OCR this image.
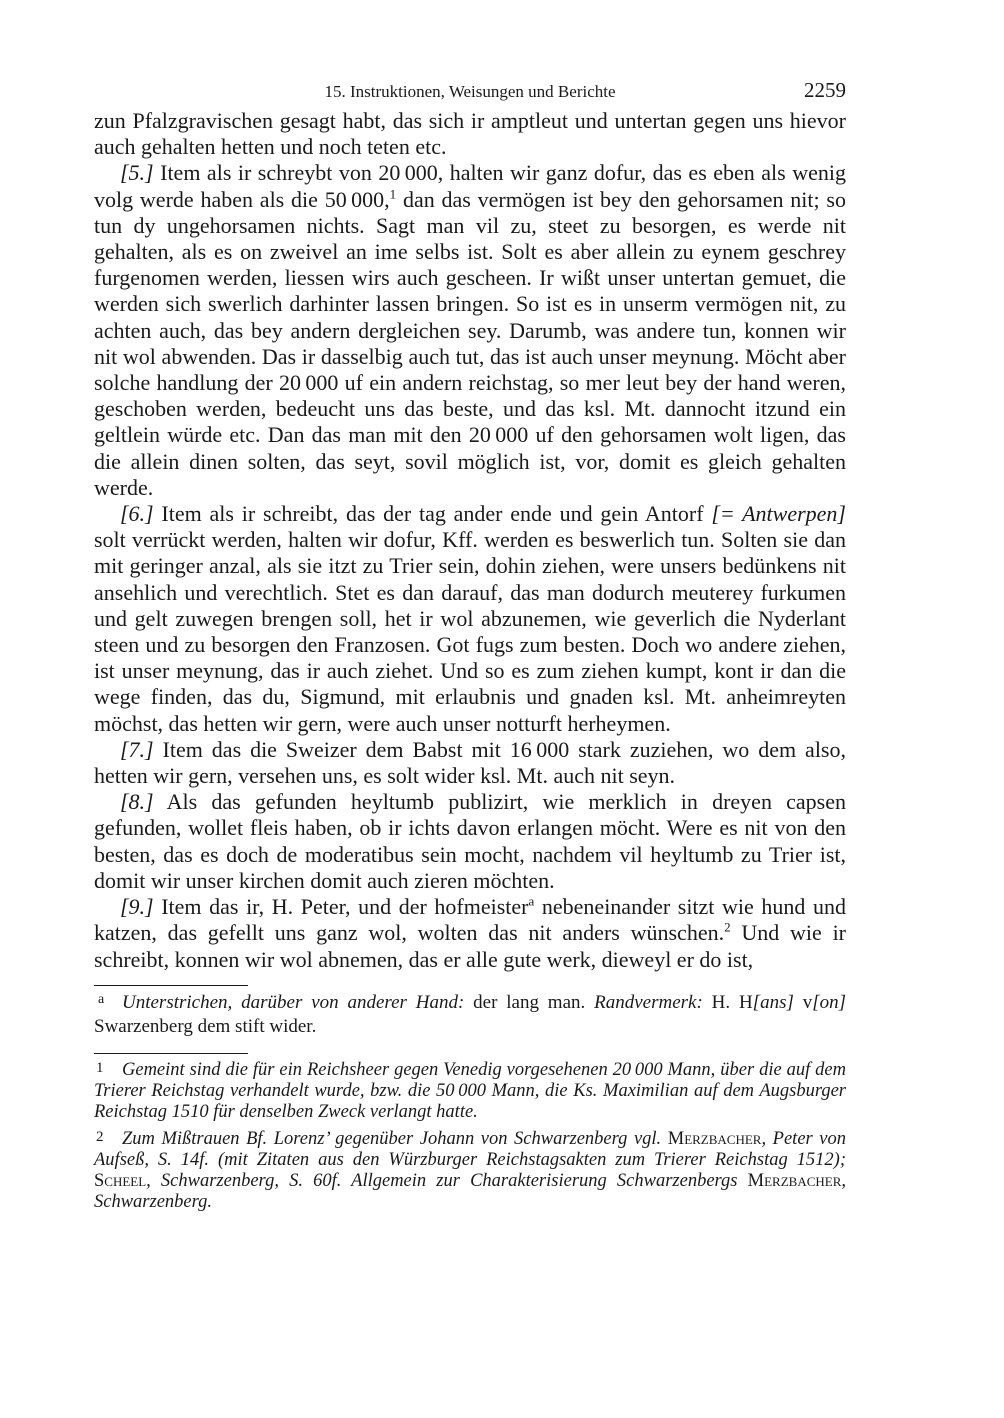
15. Instruktionen, Weisungen und Berichte	2259

zun Pfalzgravischen gesagt habt, das sich ir amptleut und untertan gegen uns hievor auch gehalten hetten und noch teten etc.

[5.] Item als ir schreybt von 20 000, halten wir ganz dofur, das es eben als wenig volg werde haben als die 50 000,$^1$ dan das vermögen ist bey den gehorsamen nit; so tun dy ungehorsamen nichts. Sagt man vil zu, steet zu besorgen, es werde nit gehalten, als es on zweivel an ime selbs ist. Solt es aber allein zu eynem geschrey furgenomen werden, liessen wirs auch gescheen. Ir wißt unser untertan gemuet, die werden sich swerlich darhinter lassen bringen. So ist es in unserm vermögen nit, zu achten auch, das bey andern dergleichen sey. Darumb, was andere tun, konnen wir nit wol abwenden. Das ir dasselbig auch tut, das ist auch unser meynung. Möcht aber solche handlung der 20 000 uf ein andern reichstag, so mer leut bey der hand weren, geschoben werden, bedeucht uns das beste, und das ksl. Mt. dannocht itzund ein geltlein würde etc. Dan das man mit den 20 000 uf den gehorsamen wolt ligen, das die allein dinen solten, das seyt, sovil möglich ist, vor, domit es gleich gehalten werde.

[6.] Item als ir schreibt, das der tag ander ende und gein Antorf [= Antwerpen] solt verrückt werden, halten wir dofur, Kff. werden es beswerlich tun. Solten sie dan mit geringer anzal, als sie itzt zu Trier sein, dohin ziehen, were unsers bedünkens nit ansehlich und verechtlich. Stet es dan darauf, das man dodurch meuterey furkumen und gelt zuwegen brengen soll, het ir wol abzunemen, wie geverlich die Nyderlant steen und zu besorgen den Franzosen. Got fugs zum besten. Doch wo andere ziehen, ist unser meynung, das ir auch ziehet. Und so es zum ziehen kumpt, kont ir dan die wege finden, das du, Sigmund, mit erlaubnis und gnaden ksl. Mt. anheimreyten möchst, das hetten wir gern, were auch unser notturft herheymen.

[7.] Item das die Sweizer dem Babst mit 16 000 stark zuziehen, wo dem also, hetten wir gern, versehen uns, es solt wider ksl. Mt. auch nit seyn.

[8.] Als das gefunden heyltumb publizirt, wie merklich in dreyen capsen gefunden, wollet fleis haben, ob ir ichts davon erlangen möcht. Were es nit von den besten, das es doch de moderatibus sein mocht, nachdem vil heyltumb zu Trier ist, domit wir unser kirchen domit auch zieren möchten.

[9.] Item das ir, H. Peter, und der hofmeister$^a$ nebeneinander sitzt wie hund und katzen, das gefellt uns ganz wol, wolten das nit anders wünschen.$^2$ Und wie ir schreibt, konnen wir wol abnemen, das er alle gute werk, dieweyl er do ist,

a Unterstrichen, darüber von anderer Hand: der lang man. Randvermerk: H. H[ans] v[on] Swarzenberg dem stift wider.

1 Gemeint sind die für ein Reichsheer gegen Venedig vorgesehenen 20 000 Mann, über die auf dem Trierer Reichstag verhandelt wurde, bzw. die 50 000 Mann, die Ks. Maximilian auf dem Augsburger Reichstag 1510 für denselben Zweck verlangt hatte.

2 Zum Mißtrauen Bf. Lorenz’ gegenüber Johann von Schwarzenberg vgl. Merzbacher, Peter von Aufseß, S. 14f. (mit Zitaten aus den Würzburger Reichstagsakten zum Trierer Reichstag 1512); Scheel, Schwarzenberg, S. 60f. Allgemein zur Charakterisierung Schwarzenbergs Merzbacher, Schwarzenberg.
